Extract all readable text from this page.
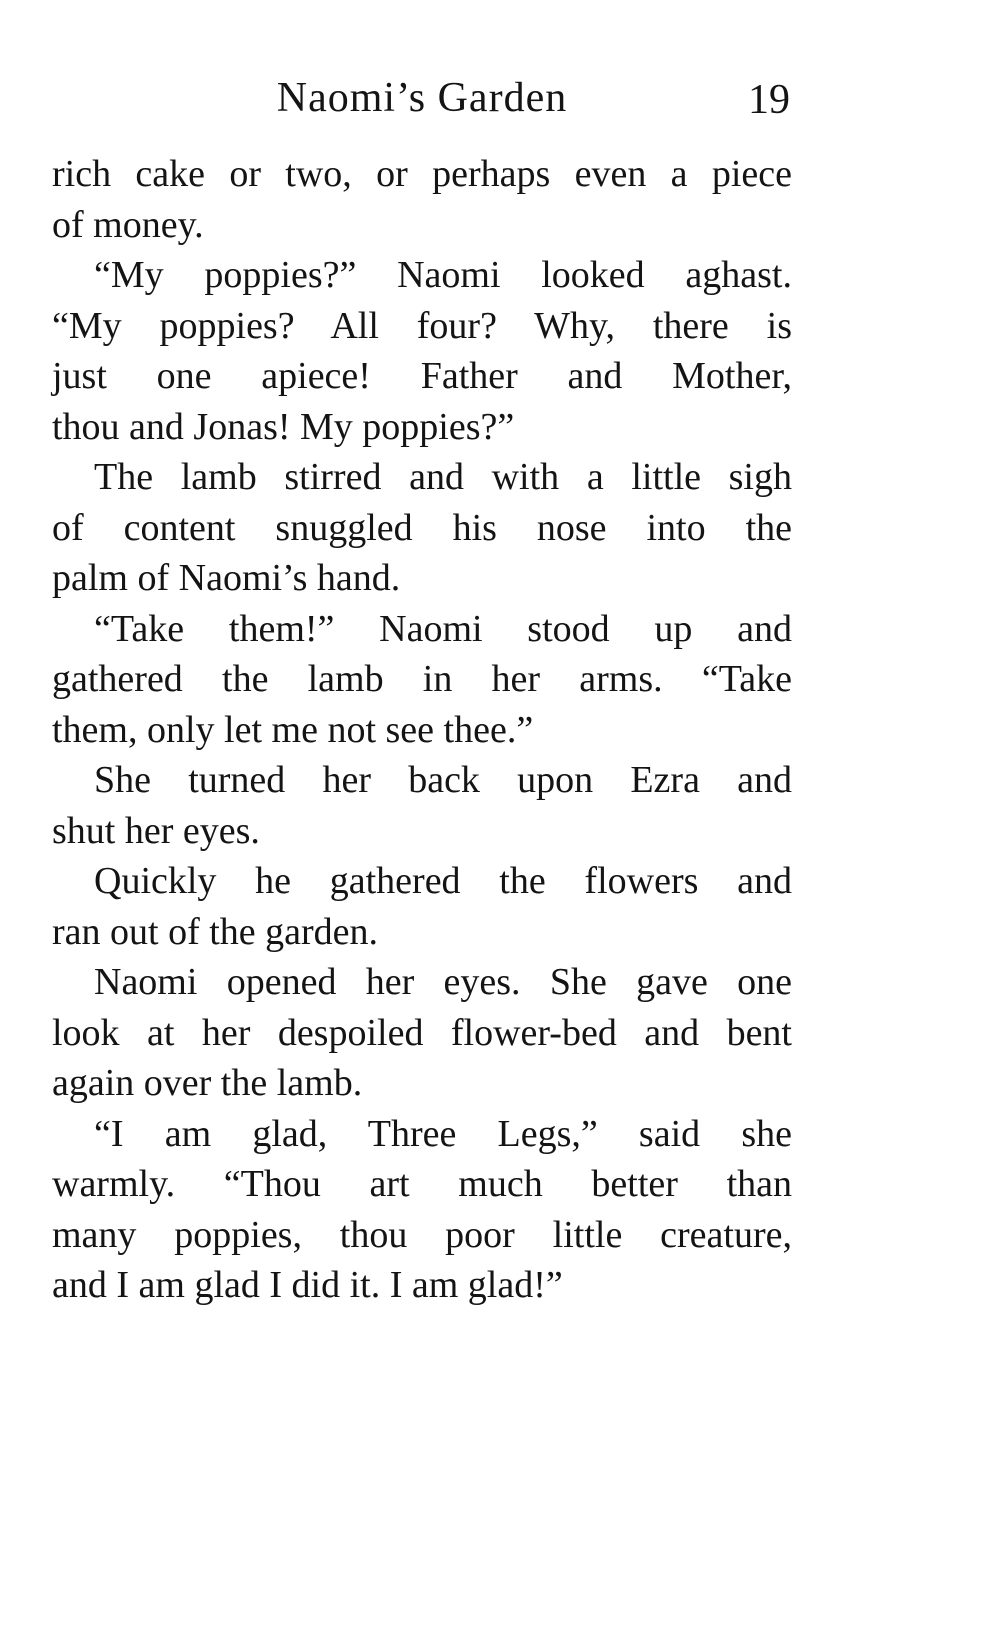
Naomi’s Garden	19
rich cake or two, or perhaps even a piece
of money.
“My poppies?” Naomi looked aghast.
“My poppies? All four? Why, there is
just one apiece! Father and Mother,
thou and Jonas! My poppies?”
The lamb stirred and with a little sigh
of content snuggled his nose into the
palm of Naomi’s hand.
“Take them!” Naomi stood up and
gathered the lamb in her arms. “Take
them, only let me not see thee.”
She turned her back upon Ezra and
shut her eyes.
Quickly he gathered the flowers and
ran out of the garden.
Naomi opened her eyes. She gave one
look at her despoiled flower-bed and bent
again over the lamb.
“I am glad, Three Legs,” said she
warmly. “Thou art much better than
many poppies, thou poor little creature,
and I am glad I did it. I am glad!”
